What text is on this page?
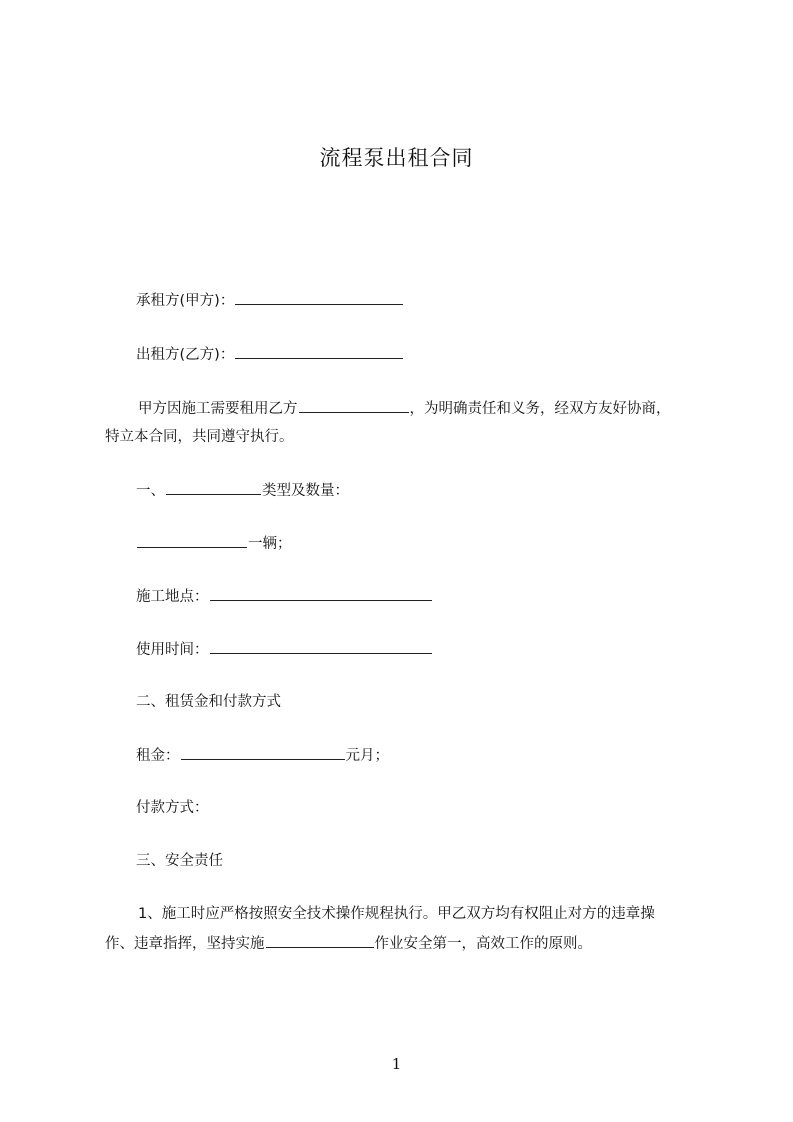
流程泵出租合同
承租方(甲方)：
出租方(乙方)：
甲方因施工需要租用乙方	，为明确责任和义务，经双方友好协商，
特立本合同，共同遵守执行。
一、	类型及数量：
一辆；
施工地点：
使用时间：
二、租赁金和付款方式
租金：	元月；
付款方式：
三、安全责任
1、施工时应严格按照安全技术操作规程执行。甲乙双方均有权阻止对方的违章操
作、违章指挥，坚持实施	作业安全第一，高效工作的原则。
1
